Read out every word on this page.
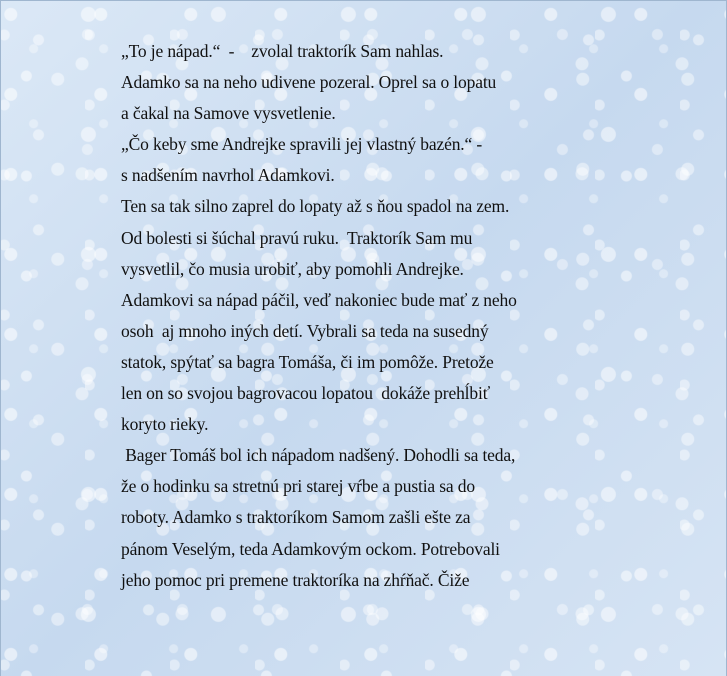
„To je nápad.“  -    zvolal traktorík Sam nahlas.
Adamko sa na neho udivene pozeral. Oprel sa o lopatu
a čakal na Samove vysvetlenie.
„Čo keby sme Andrejke spravili jej vlastný bazén.“ -
s nadšením navrhol Adamkovi.
Ten sa tak silno zaprel do lopaty až s ňou spadol na zem.
Od bolesti si šúchal pravú ruku.  Traktorík Sam mu
vysvetlil, čo musia urobiť, aby pomohli Andrejke.
Adamkovi sa nápad páčil, veď nakoniec bude mať z neho
osoh  aj mnoho iných detí. Vybrali sa teda na susedný
statok, spýtať sa bagra Tomáša, či im pomôže. Pretože
len on so svojou bagrovacou lopatou  dokáže prehĺbiť
koryto rieky.
Bager Tomáš bol ich nápadom nadšený. Dohodli sa teda,
že o hodinku sa stretnú pri starej vŕbe a pustia sa do
roboty. Adamko s traktoríkom Samom zašli ešte za
pánom Veselým, teda Adamkovým ockom. Potrebovali
jeho pomoc pri premene traktoríka na zhŕňač. Čiže
